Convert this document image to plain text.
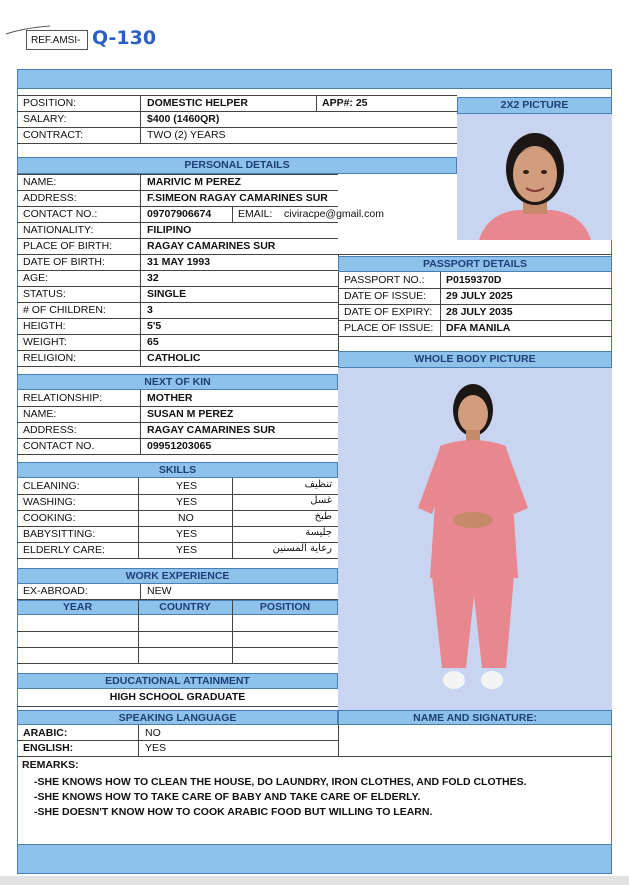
REF.AMSI- Q-130
POSITION:	DOMESTIC HELPER	APP#: 25
SALARY:	$400 (1460QR)
CONTRACT:	TWO (2) YEARS
2X2 PICTURE
PERSONAL DETAILS
NAME:	MARIVIC M PEREZ
ADDRESS:	F.SIMEON RAGAY CAMARINES SUR
CONTACT NO.:	09707906674	EMAIL: civiracpe@gmail.com
NATIONALITY:	FILIPINO
PLACE OF BIRTH:	RAGAY CAMARINES SUR
DATE OF BIRTH:	31 MAY 1993
AGE:	32
STATUS:	SINGLE
# OF CHILDREN:	3
HEIGTH:	5'5
WEIGHT:	65
RELIGION:	CATHOLIC
PASSPORT DETAILS
PASSPORT NO.: P0159370D
DATE OF ISSUE: 29 JULY 2025
DATE OF EXPIRY: 28 JULY 2035
PLACE OF ISSUE: DFA MANILA
WHOLE BODY PICTURE
NEXT OF KIN
RELATIONSHIP:	MOTHER
NAME:	SUSAN M PEREZ
ADDRESS:	RAGAY CAMARINES SUR
CONTACT NO.	09951203065
SKILLS
CLEANING:	YES	تنظيف
WASHING:	YES	غسل
COOKING:	NO	طبخ
BABYSITTING:	YES	جليسة
ELDERLY CARE:	YES	رعاية المسنين
WORK EXPERIENCE
EX-ABROAD:	NEW
YEAR	COUNTRY	POSITION
EDUCATIONAL ATTAINMENT
HIGH SCHOOL GRADUATE
SPEAKING LANGUAGE	NAME AND SIGNATURE:
ARABIC:	NO
ENGLISH:	YES
REMARKS:
-SHE KNOWS HOW TO CLEAN THE HOUSE, DO LAUNDRY, IRON CLOTHES, AND FOLD CLOTHES.
-SHE KNOWS HOW TO TAKE CARE OF BABY AND TAKE CARE OF ELDERLY.
-SHE DOESN'T KNOW HOW TO COOK ARABIC FOOD BUT WILLING TO LEARN.
